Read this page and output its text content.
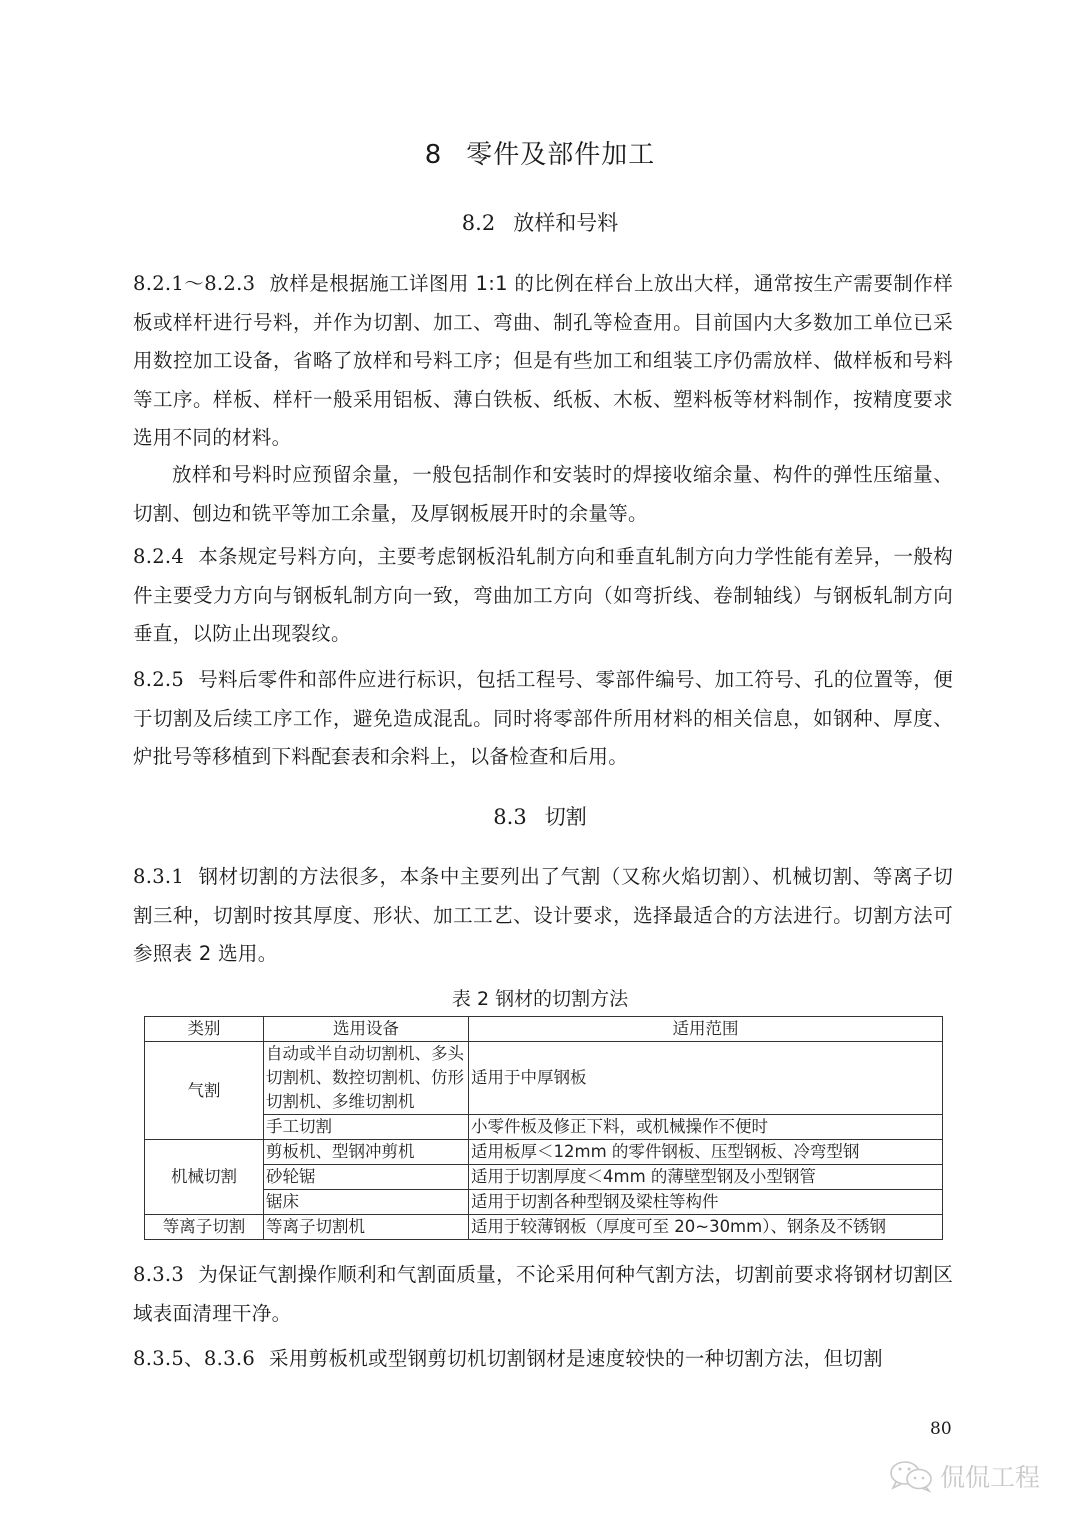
8 零件及部件加工
8.2 放样和号料
8.2.1～8.2.3 放样是根据施工详图用 1:1 的比例在样台上放出大样，通常按生产需要制作样板或样杆进行号料，并作为切割、加工、弯曲、制孔等检查用。目前国内大多数加工单位已采用数控加工设备，省略了放样和号料工序；但是有些加工和组装工序仍需放样、做样板和号料等工序。样板、样杆一般采用铝板、薄白铁板、纸板、木板、塑料板等材料制作，按精度要求选用不同的材料。
放样和号料时应预留余量，一般包括制作和安装时的焊接收缩余量、构件的弹性压缩量、切割、刨边和铣平等加工余量，及厚钢板展开时的余量等。
8.2.4 本条规定号料方向，主要考虑钢板沿轧制方向和垂直轧制方向力学性能有差异，一般构件主要受力方向与钢板轧制方向一致，弯曲加工方向（如弯折线、卷制轴线）与钢板轧制方向垂直，以防止出现裂纹。
8.2.5 号料后零件和部件应进行标识，包括工程号、零部件编号、加工符号、孔的位置等，便于切割及后续工序工作，避免造成混乱。同时将零部件所用材料的相关信息，如钢种、厚度、炉批号等移植到下料配套表和余料上，以备检查和后用。
8.3 切割
8.3.1 钢材切割的方法很多，本条中主要列出了气割（又称火焰切割）、机械切割、等离子切割三种，切割时按其厚度、形状、加工工艺、设计要求，选择最适合的方法进行。切割方法可参照表 2 选用。
表 2 钢材的切割方法
类别	选用设备	适用范围
气割	自动或半自动切割机、多头切割机、数控切割机、仿形切割机、多维切割机	适用于中厚钢板
	手工切割	小零件板及修正下料，或机械操作不便时
机械切割	剪板机、型钢冲剪机	适用板厚＜12mm 的零件钢板、压型钢板、冷弯型钢
	砂轮锯	适用于切割厚度＜4mm 的薄壁型钢及小型钢管
	锯床	适用于切割各种型钢及梁柱等构件
等离子切割	等离子切割机	适用于较薄钢板（厚度可至 20~30mm）、钢条及不锈钢
8.3.3 为保证气割操作顺利和气割面质量，不论采用何种气割方法，切割前要求将钢材切割区域表面清理干净。
8.3.5、8.3.6 采用剪板机或型钢剪切机切割钢材是速度较快的一种切割方法，但切割
80
侃侃工程
